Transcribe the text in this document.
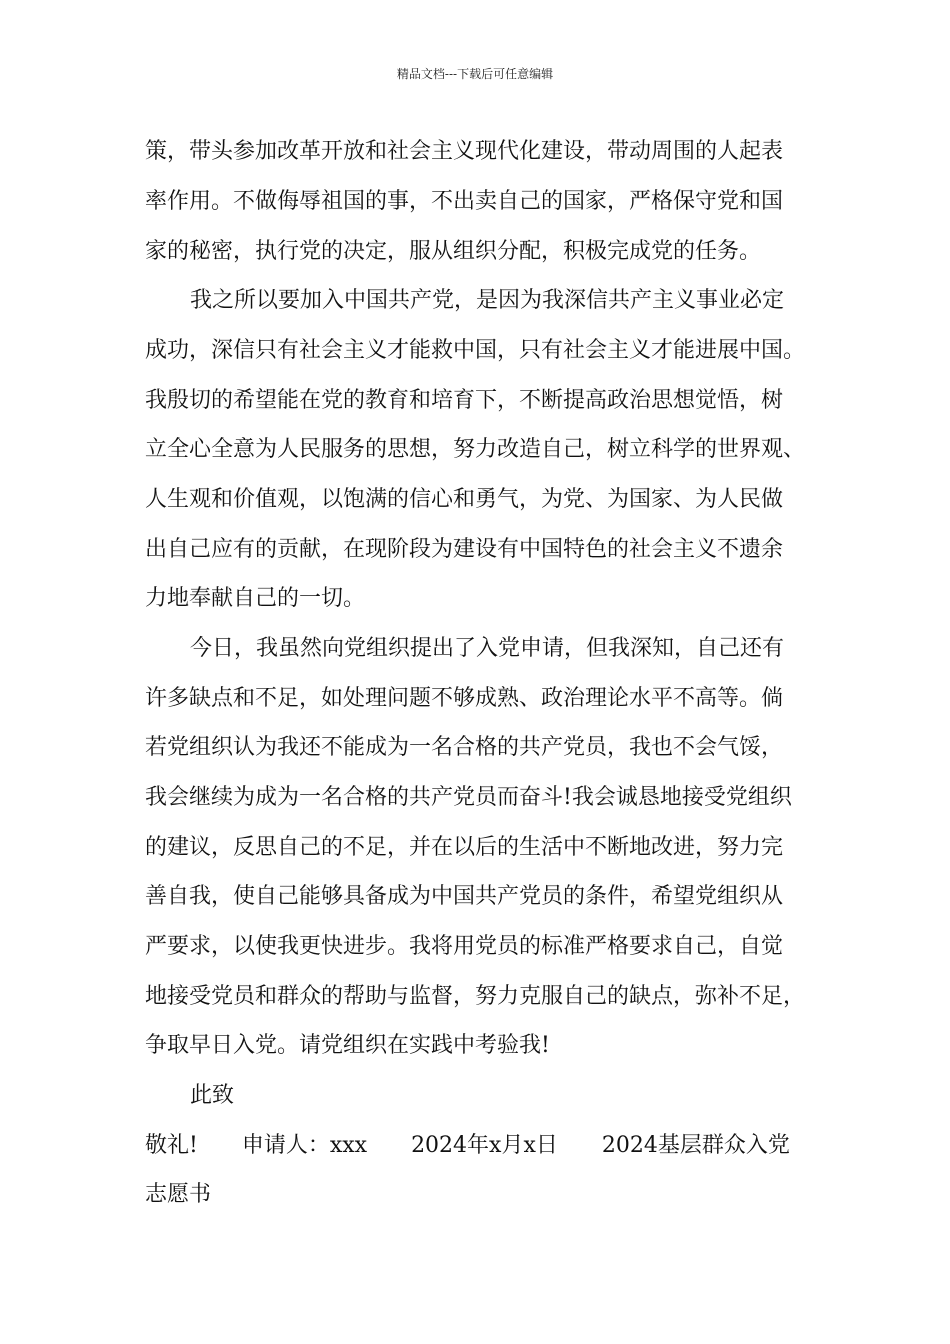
精品文档---下载后可任意编辑
策，带头参加改革开放和社会主义现代化建设，带动周围的人起表
率作用。不做侮辱祖国的事，不出卖自己的国家，严格保守党和国
家的秘密，执行党的决定，服从组织分配，积极完成党的任务。
我之所以要加入中国共产党，是因为我深信共产主义事业必定
成功，深信只有社会主义才能救中国，只有社会主义才能进展中国。
我殷切的希望能在党的教育和培育下，不断提高政治思想觉悟，树
立全心全意为人民服务的思想，努力改造自己，树立科学的世界观、
人生观和价值观，以饱满的信心和勇气，为党、为国家、为人民做
出自己应有的贡献，在现阶段为建设有中国特色的社会主义不遗余
力地奉献自己的一切。
今日，我虽然向党组织提出了入党申请，但我深知，自己还有
许多缺点和不足，如处理问题不够成熟、政治理论水平不高等。倘
若党组织认为我还不能成为一名合格的共产党员，我也不会气馁，
我会继续为成为一名合格的共产党员而奋斗!我会诚恳地接受党组织
的建议，反思自己的不足，并在以后的生活中不断地改进，努力完
善自我，使自己能够具备成为中国共产党员的条件，希望党组织从
严要求，以使我更快进步。我将用党员的标准严格要求自己，自觉
地接受党员和群众的帮助与监督，努力克服自己的缺点，弥补不足，
争取早日入党。请党组织在实践中考验我!
此致
敬礼!　　申请人：xxx　　2024年x月x日　　2024基层群众入党
志愿书
